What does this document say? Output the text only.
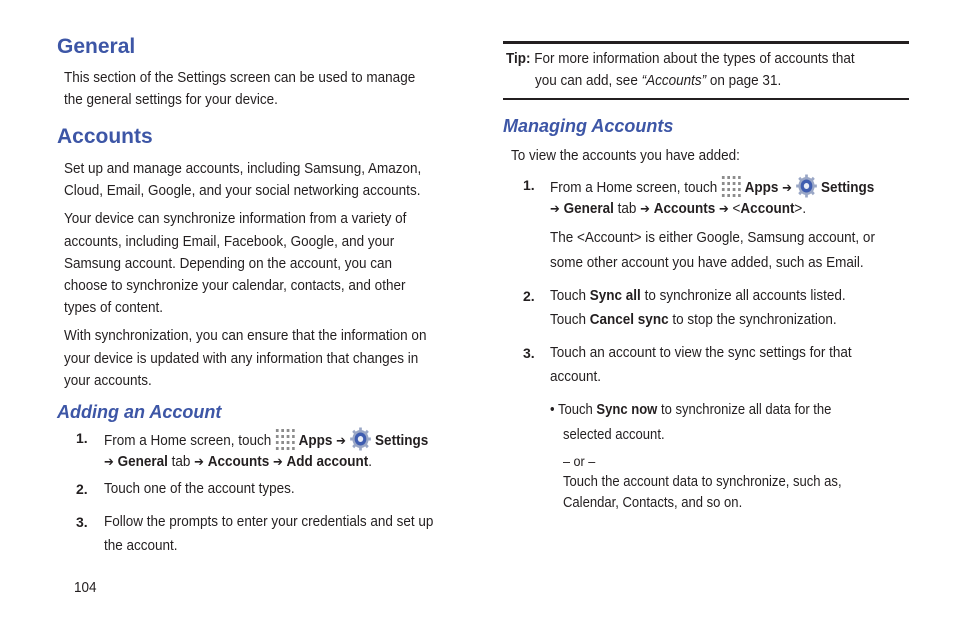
General
This section of the Settings screen can be used to manage
the general settings for your device.
Accounts
Set up and manage accounts, including Samsung, Amazon,
Cloud, Email, Google, and your social networking accounts.
Your device can synchronize information from a variety of
accounts, including Email, Facebook, Google, and your
Samsung account. Depending on the account, you can
choose to synchronize your calendar, contacts, and other
types of content.
With synchronization, you can ensure that the information on
your device is updated with any information that changes in
your accounts.
Adding an Account
1. From a Home screen, touch Apps ➔ Settings
➔ General tab ➔ Accounts ➔ Add account.
2. Touch one of the account types.
3. Follow the prompts to enter your credentials and set up
the account.
104
Tip: For more information about the types of accounts that
you can add, see “Accounts” on page 31.
Managing Accounts
To view the accounts you have added:
1. From a Home screen, touch Apps ➔ Settings
➔ General tab ➔ Accounts ➔ <Account>.
The <Account> is either Google, Samsung account, or
some other account you have added, such as Email.
2. Touch Sync all to synchronize all accounts listed.
Touch Cancel sync to stop the synchronization.
3. Touch an account to view the sync settings for that
account.
• Touch Sync now to synchronize all data for the
selected account.
– or –
Touch the account data to synchronize, such as,
Calendar, Contacts, and so on.
